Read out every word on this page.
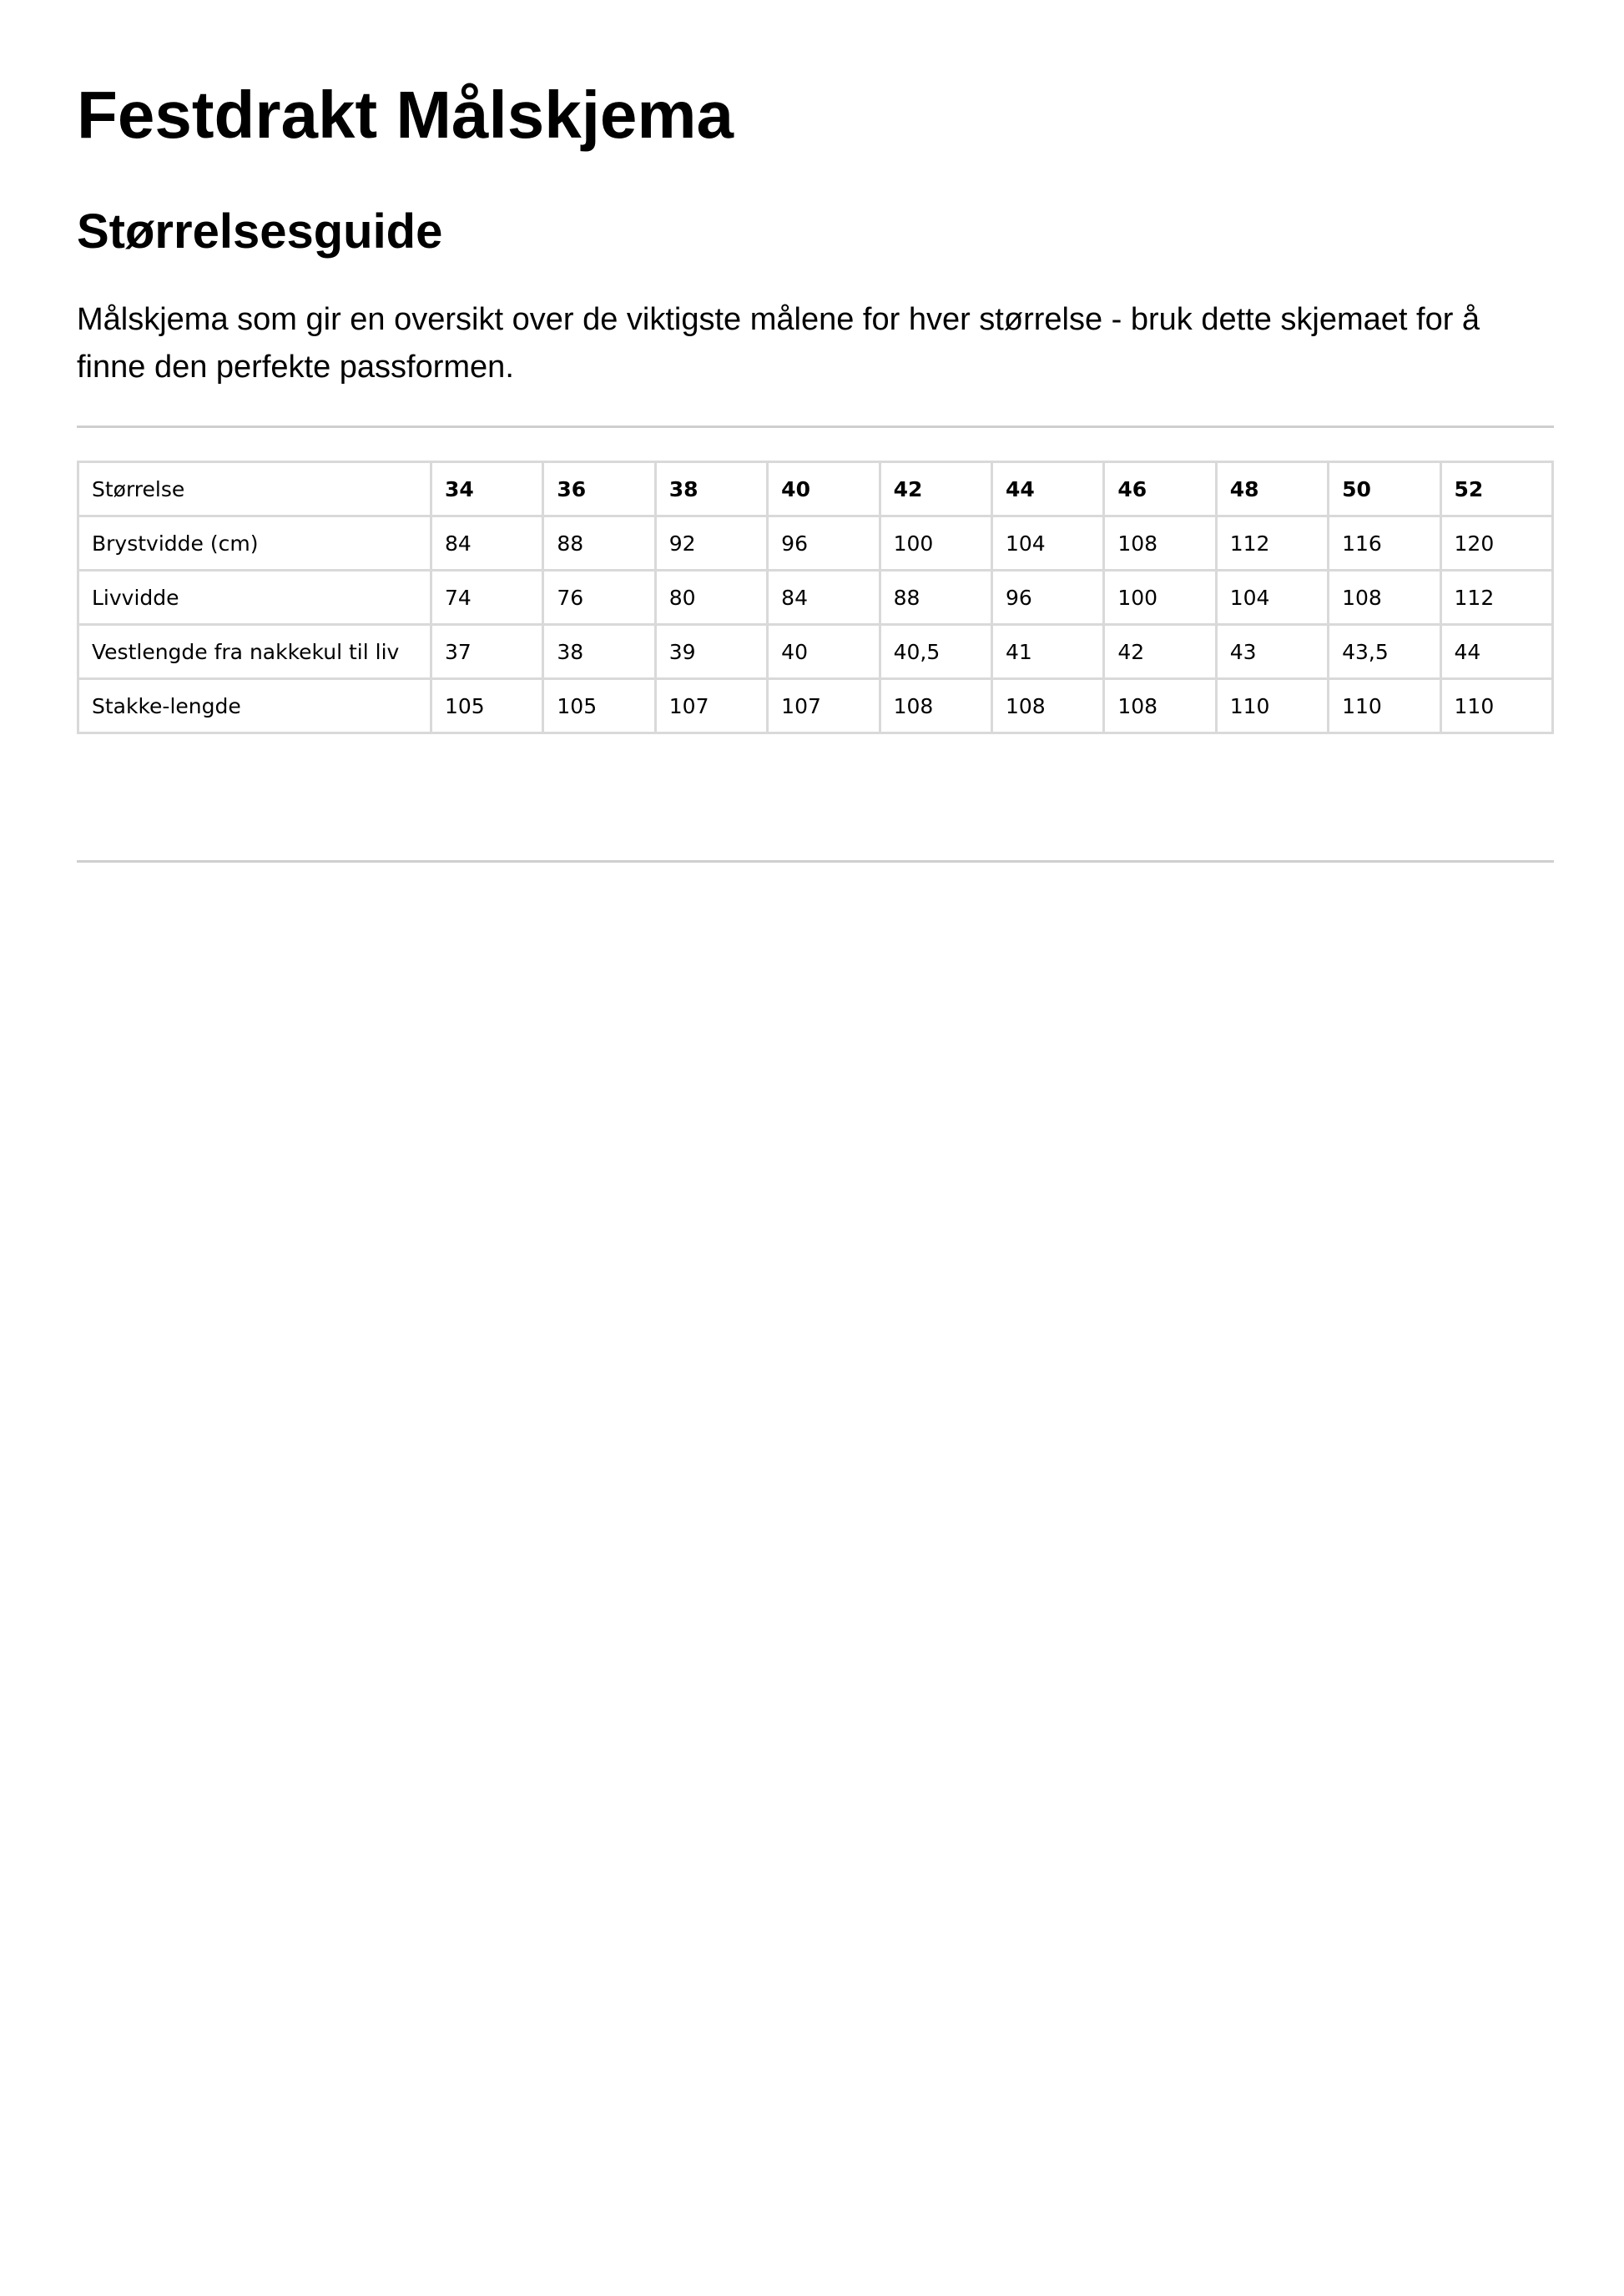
Festdrakt Målskjema
Størrelsesguide

Målskjema som gir en oversikt over de viktigste målene for hver størrelse - bruk dette skjemaet for å finne den perfekte passformen.

Størrelse	34	36	38	40	42	44	46	48	50	52
Brystvidde (cm)	84	88	92	96	100	104	108	112	116	120
Livvidde	74	76	80	84	88	96	100	104	108	112
Vestlengde fra nakkekul til liv	37	38	39	40	40,5	41	42	43	43,5	44
Stakke-lengde	105	105	107	107	108	108	108	110	110	110
